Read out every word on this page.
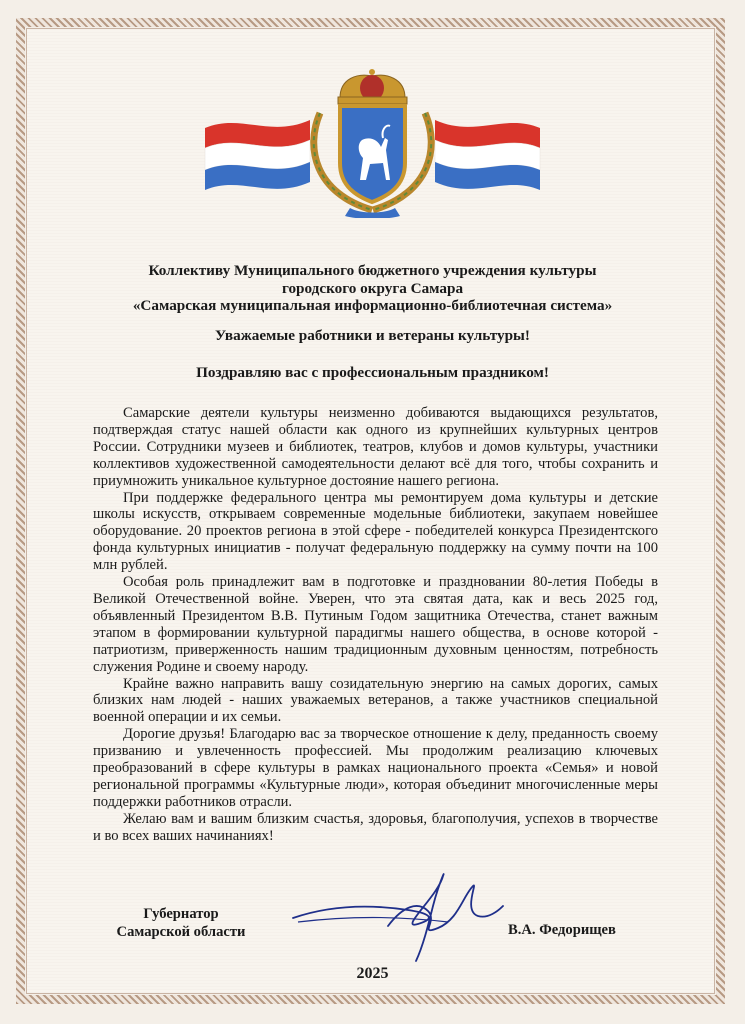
Коллективу Муниципального бюджетного учреждения культуры
городского округа Самара
«Самарская муниципальная информационно-библиотечная система»
Уважаемые работники и ветераны культуры!
Поздравляю вас с профессиональным праздником!

Самарские деятели культуры неизменно добиваются выдающихся результатов, подтверждая статус нашей области как одного из крупнейших культурных центров России. Сотрудники музеев и библиотек, театров, клубов и домов культуры, участники коллективов художественной самодеятельности делают всё для того, чтобы сохранить и приумножить уникальное культурное достояние нашего региона.

При поддержке федерального центра мы ремонтируем дома культуры и детские школы искусств, открываем современные модельные библиотеки, закупаем новейшее оборудование. 20 проектов региона в этой сфере - победителей конкурса Президентского фонда культурных инициатив - получат федеральную поддержку на сумму почти на 100 млн рублей.

Особая роль принадлежит вам в подготовке и праздновании 80-летия Победы в Великой Отечественной войне. Уверен, что эта святая дата, как и весь 2025 год, объявленный Президентом В.В. Путиным Годом защитника Отечества, станет важным этапом в формировании культурной парадигмы нашего общества, в основе которой - патриотизм, приверженность нашим традиционным духовным ценностям, потребность служения Родине и своему народу.

Крайне важно направить вашу созидательную энергию на самых дорогих, самых близких нам людей - наших уважаемых ветеранов, а также участников специальной военной операции и их семьи.

Дорогие друзья! Благодарю вас за творческое отношение к делу, преданность своему призванию и увлеченность профессией. Мы продолжим реализацию ключевых преобразований в сфере культуры в рамках национального проекта «Семья» и новой региональной программы «Культурные люди», которая объединит многочисленные меры поддержки работников отрасли.

Желаю вам и вашим близким счастья, здоровья, благополучия, успехов в творчестве и во всех ваших начинаниях!

Губернатор
Самарской области	В.А. Федорищев
2025
